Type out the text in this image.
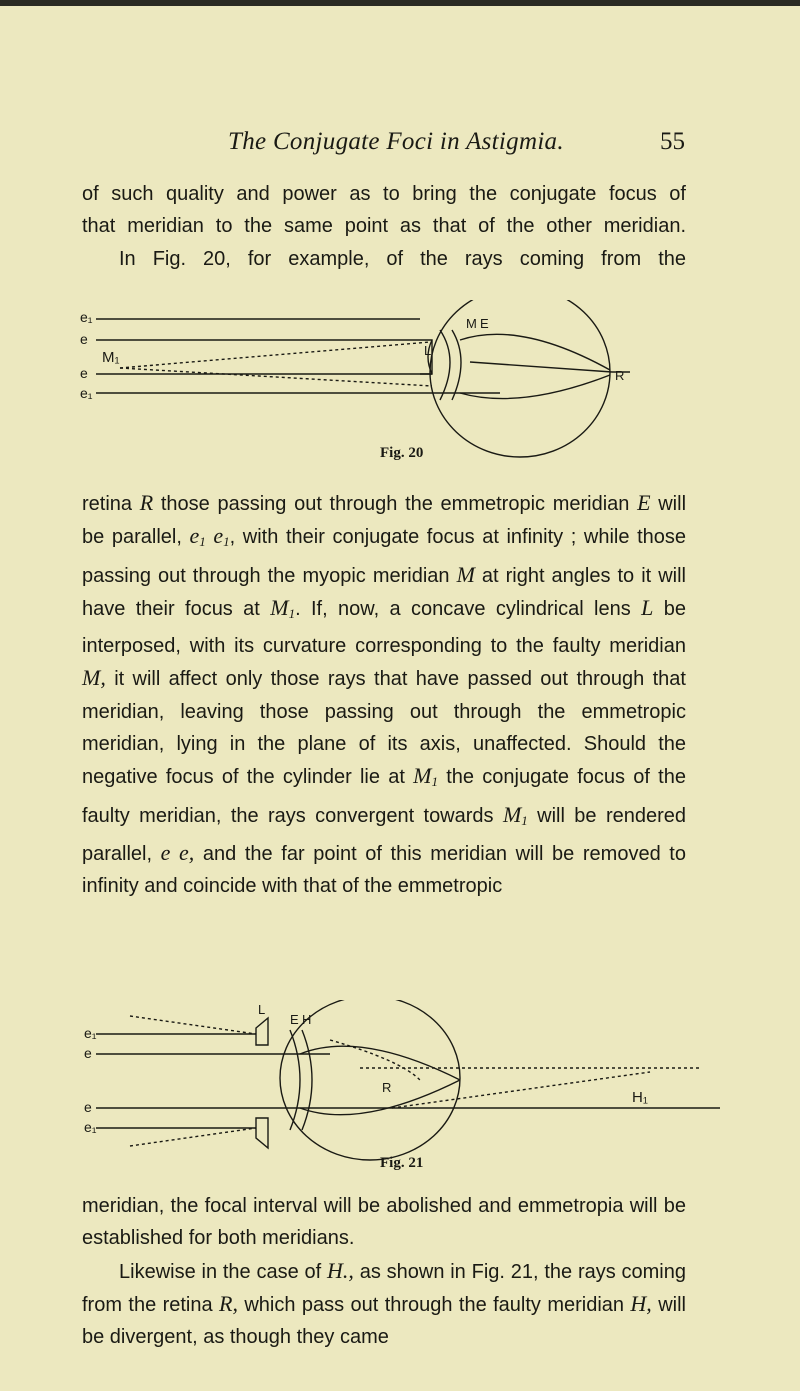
The Conjugate Foci in Astigmia.	55

of such quality and power as to bring the conjugate focus of

that meridian to the same point as that of the other meridian.

In Fig. 20, for example, of the rays coming from the

e₁
e
M₁
e
e₁
L
M E
R
Fig. 20

retina R those passing out through the emmetropic meridian E will be parallel, $e_1$ $e_1$, with their conjugate focus at infinity ; while those passing out through the myopic meridian M at right angles to it will have their focus at $M_1$. If, now, a concave cylindrical lens L be interposed, with its curvature corresponding to the faulty meridian M, it will affect only those rays that have passed out through that meridian, leaving those passing out through the emmetropic meridian, lying in the plane of its axis, unaffected. Should the negative focus of the cylinder lie at $M_1$ the conjugate focus of the faulty meridian, the rays convergent towards $M_1$ will be rendered parallel, e e, and the far point of this meridian will be removed to infinity and coincide with that of the emmetropic

e₁
e
e
e₁
L
E H
R
H₁
Fig. 21

meridian, the focal interval will be abolished and emmetropia will be established for both meridians.

Likewise in the case of H., as shown in Fig. 21, the rays coming from the retina R, which pass out through the faulty meridian H, will be divergent, as though they came
